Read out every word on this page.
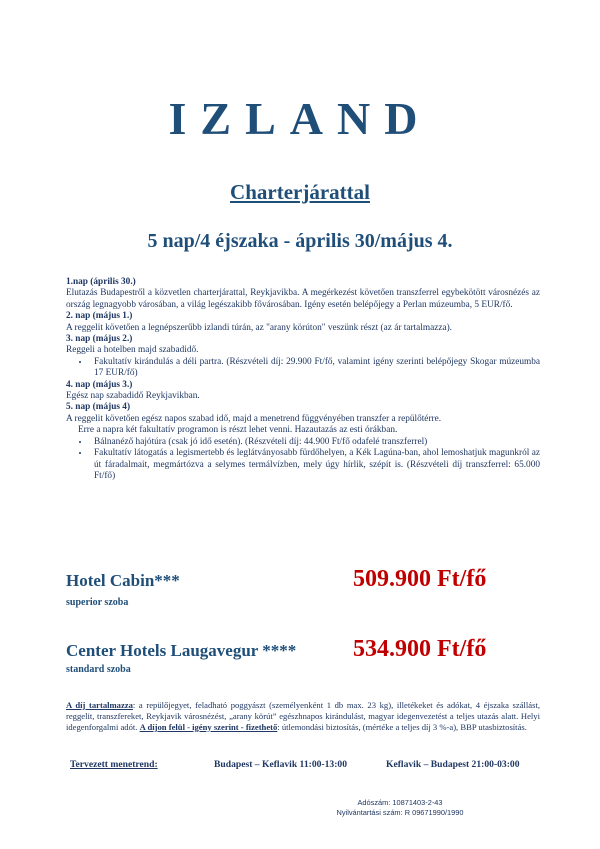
IZLAND
Charterjárattal
5 nap/4 éjszaka - április 30/május 4.
1.nap (április 30.)

Elutazás Budapestről a közvetlen charterjárattal, Reykjavikba. A megérkezést követően transzferrel egybekötött városnézés az ország legnagyobb városában, a világ legészakibb fővárosában. Igény esetén belépőjegy a Perlan múzeumba, 5 EUR/fő.

2. nap (május 1.)

A reggelit követően a legnépszerűbb izlandi túrán, az "arany körúton" veszünk részt (az ár tartalmazza).

3. nap (május 2.)

Reggeli a hotelben majd szabadidő.

• Fakultatív kirándulás a déli partra. (Részvételi díj: 29.900 Ft/fő, valamint igény szerinti belépőjegy Skogar múzeumba 17 EUR/fő)
4. nap (május 3.)

Egész nap szabadidő Reykjavikban.

5. nap (május 4)

A reggelit követően egész napos szabad idő, majd a menetrend függvényében transzfer a repülőtérre.

Erre a napra két fakultatív programon is részt lehet venni. Hazautazás az esti órákban.

• Bálnanéző hajótúra (csak jó idő esetén). (Részvételi díj: 44.900 Ft/fő odafelé transzferrel)
• Fakultatív látogatás a legismertebb és leglátványosabb fürdőhelyen, a Kék Lagúna-ban, ahol lemoshatjuk magunkról az út fáradalmait, megmártózva a selymes termálvízben, mely úgy hírlik, szépít is. (Részvételi díj transzferrel: 65.000 Ft/fő)
Hotel Cabin***
superior szoba
509.900 Ft/fő
Center Hotels Laugavegur ****
standard szoba
534.900 Ft/fő
A díj tartalmazza: a repülőjegyet, feladható poggyászt (személyenként 1 db max. 23 kg), illetékeket és adókat, 4 éjszaka szállást, reggelit, transzfereket, Reykjavik városnézést, „arany körút” egészhnapos kirándulást, magyar idegenvezetést a teljes utazás alatt. Helyi idegenforgalmi adót. A díjon felül - igény szerint - fizethető: útlemondási biztosítás, (mértéke a teljes díj 3 %-a), BBP utasbiztosítás.
Tervezett menetrend:	Budapest – Keflavik 11:00-13:00	Keflavik – Budapest 21:00-03:00
Adószám: 10871403-2-43
Nyilvántartási szám: R 09671990/1990
